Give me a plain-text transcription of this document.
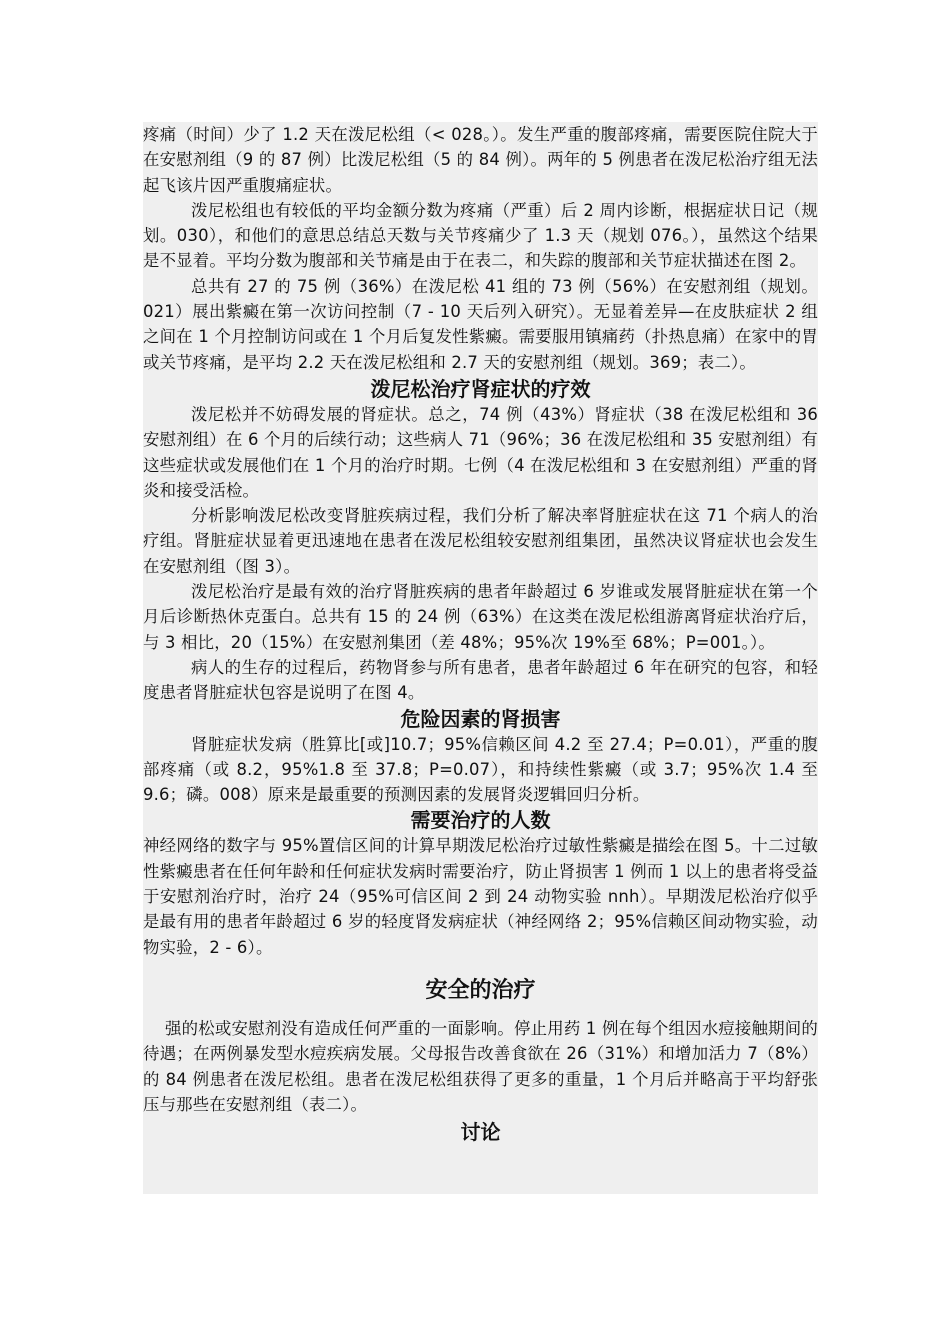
疼痛（时间）少了 1.2 天在泼尼松组（< 028。）。发生严重的腹部疼痛，需要医院住院大于在安慰剂组（9 的 87 例）比泼尼松组（5 的 84 例）。两年的 5 例患者在泼尼松治疗组无法起飞该片因严重腹痛症状。

泼尼松组也有较低的平均金额分数为疼痛（严重）后 2 周内诊断，根据症状日记（规划。030），和他们的意思总结总天数与关节疼痛少了 1.3 天（规划 076。），虽然这个结果是不显着。平均分数为腹部和关节痛是由于在表二，和失踪的腹部和关节症状描述在图 2。

总共有 27 的 75 例（36%）在泼尼松 41 组的 73 例（56%）在安慰剂组（规划。021）展出紫癜在第一次访问控制（7 - 10 天后列入研究）。无显着差异—在皮肤症状 2 组之间在 1 个月控制访问或在 1 个月后复发性紫癜。需要服用镇痛药（扑热息痛）在家中的胃或关节疼痛，是平均 2.2 天在泼尼松组和 2.7 天的安慰剂组（规划。369；表二）。

泼尼松治疗肾症状的疗效

泼尼松并不妨碍发展的肾症状。总之，74 例（43%）肾症状（38 在泼尼松组和 36 安慰剂组）在 6 个月的后续行动；这些病人 71（96%；36 在泼尼松组和 35 安慰剂组）有这些症状或发展他们在 1 个月的治疗时期。七例（4 在泼尼松组和 3 在安慰剂组）严重的肾炎和接受活检。

分析影响泼尼松改变肾脏疾病过程，我们分析了解决率肾脏症状在这 71 个病人的治疗组。肾脏症状显着更迅速地在患者在泼尼松组较安慰剂组集团，虽然决议肾症状也会发生在安慰剂组（图 3）。

泼尼松治疗是最有效的治疗肾脏疾病的患者年龄超过 6 岁谁或发展肾脏症状在第一个月后诊断热休克蛋白。总共有 15 的 24 例（63%）在这类在泼尼松组游离肾症状治疗后，与 3 相比，20（15%）在安慰剂集团（差 48%；95%次 19%至 68%；P=001。）。

病人的生存的过程后，药物肾参与所有患者，患者年龄超过 6 年在研究的包容，和轻度患者肾脏症状包容是说明了在图 4。

危险因素的肾损害

肾脏症状发病（胜算比[或]10.7；95%信赖区间 4.2 至 27.4；P=0.01），严重的腹部疼痛（或 8.2，95%1.8 至 37.8；P=0.07），和持续性紫癜（或 3.7；95%次 1.4 至 9.6；磷。008）原来是最重要的预测因素的发展肾炎逻辑回归分析。

需要治疗的人数

神经网络的数字与 95%置信区间的计算早期泼尼松治疗过敏性紫癜是描绘在图 5。十二过敏性紫癜患者在任何年龄和任何症状发病时需要治疗，防止肾损害 1 例而 1 以上的患者将受益于安慰剂治疗时，治疗 24（95%可信区间 2 到 24 动物实验 nnh）。早期泼尼松治疗似乎是最有用的患者年龄超过 6 岁的轻度肾发病症状（神经网络 2；95%信赖区间动物实验，动物实验，2 - 6）。

安全的治疗

强的松或安慰剂没有造成任何严重的一面影响。停止用药 1 例在每个组因水痘接触期间的待遇；在两例暴发型水痘疾病发展。父母报告改善食欲在 26（31%）和增加活力 7（8%）的 84 例患者在泼尼松组。患者在泼尼松组获得了更多的重量，1 个月后并略高于平均舒张压与那些在安慰剂组（表二）。

讨论
